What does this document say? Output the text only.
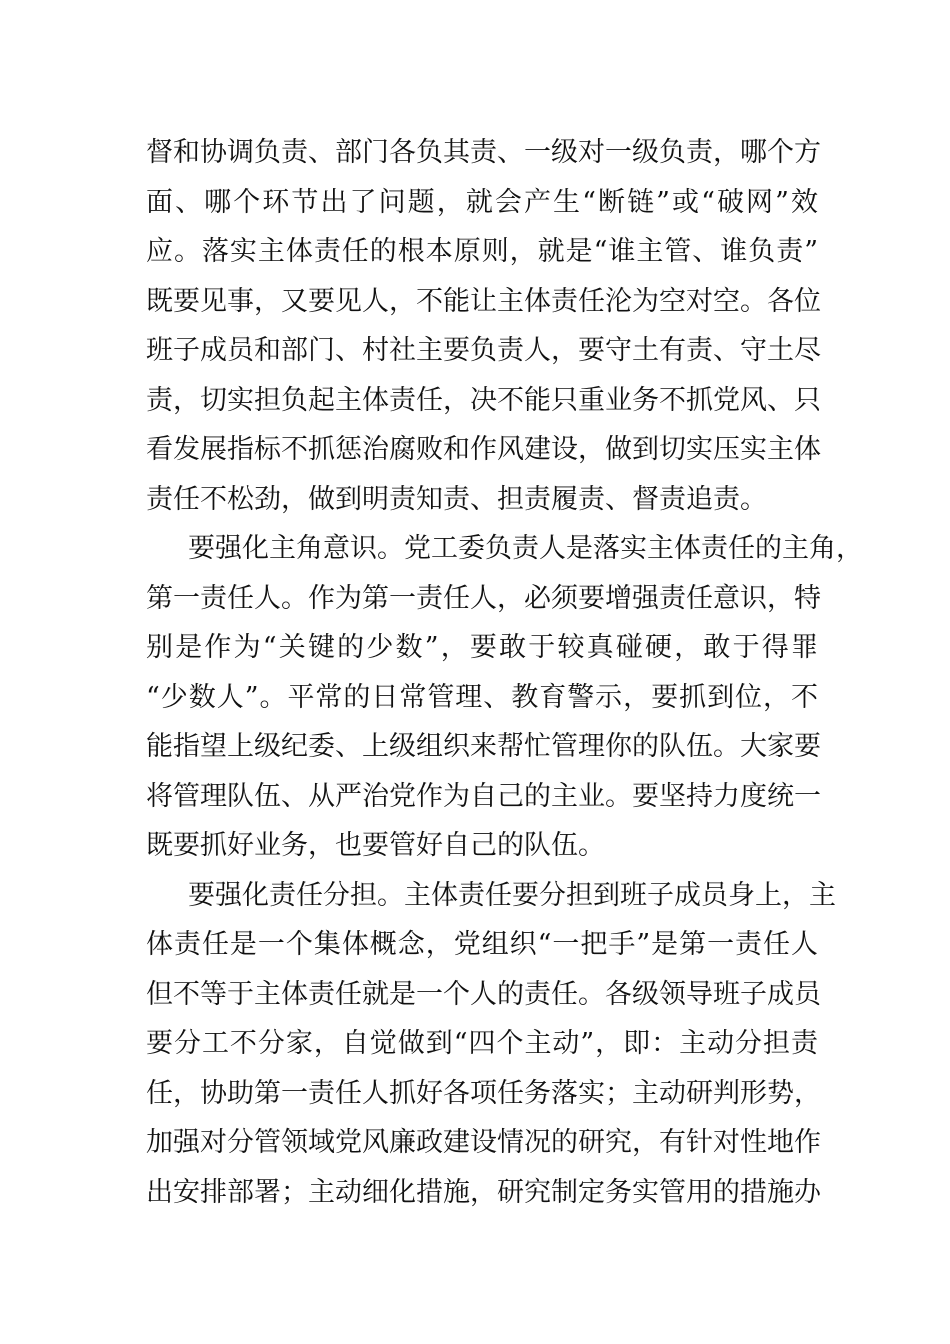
督和协调负责、部门各负其责、一级对一级负责，哪个方
面、哪个环节出了问题，就会产生“断链”或“破网”效
应。落实主体责任的根本原则，就是“谁主管、谁负责”
既要见事，又要见人，不能让主体责任沦为空对空。各位
班子成员和部门、村社主要负责人，要守土有责、守土尽
责，切实担负起主体责任，决不能只重业务不抓党风、只
看发展指标不抓惩治腐败和作风建设，做到切实压实主体
责任不松劲，做到明责知责、担责履责、督责追责。
要强化主角意识。党工委负责人是落实主体责任的主角，
第一责任人。作为第一责任人，必须要增强责任意识，特
别是作为“关键的少数”，要敢于较真碰硬，敢于得罪
“少数人”。平常的日常管理、教育警示，要抓到位，不
能指望上级纪委、上级组织来帮忙管理你的队伍。大家要
将管理队伍、从严治党作为自己的主业。要坚持力度统一
既要抓好业务，也要管好自己的队伍。
要强化责任分担。主体责任要分担到班子成员身上，主
体责任是一个集体概念，党组织“一把手”是第一责任人
但不等于主体责任就是一个人的责任。各级领导班子成员
要分工不分家，自觉做到“四个主动”，即：主动分担责
任，协助第一责任人抓好各项任务落实；主动研判形势，
加强对分管领域党风廉政建设情况的研究，有针对性地作
出安排部署；主动细化措施，研究制定务实管用的措施办
